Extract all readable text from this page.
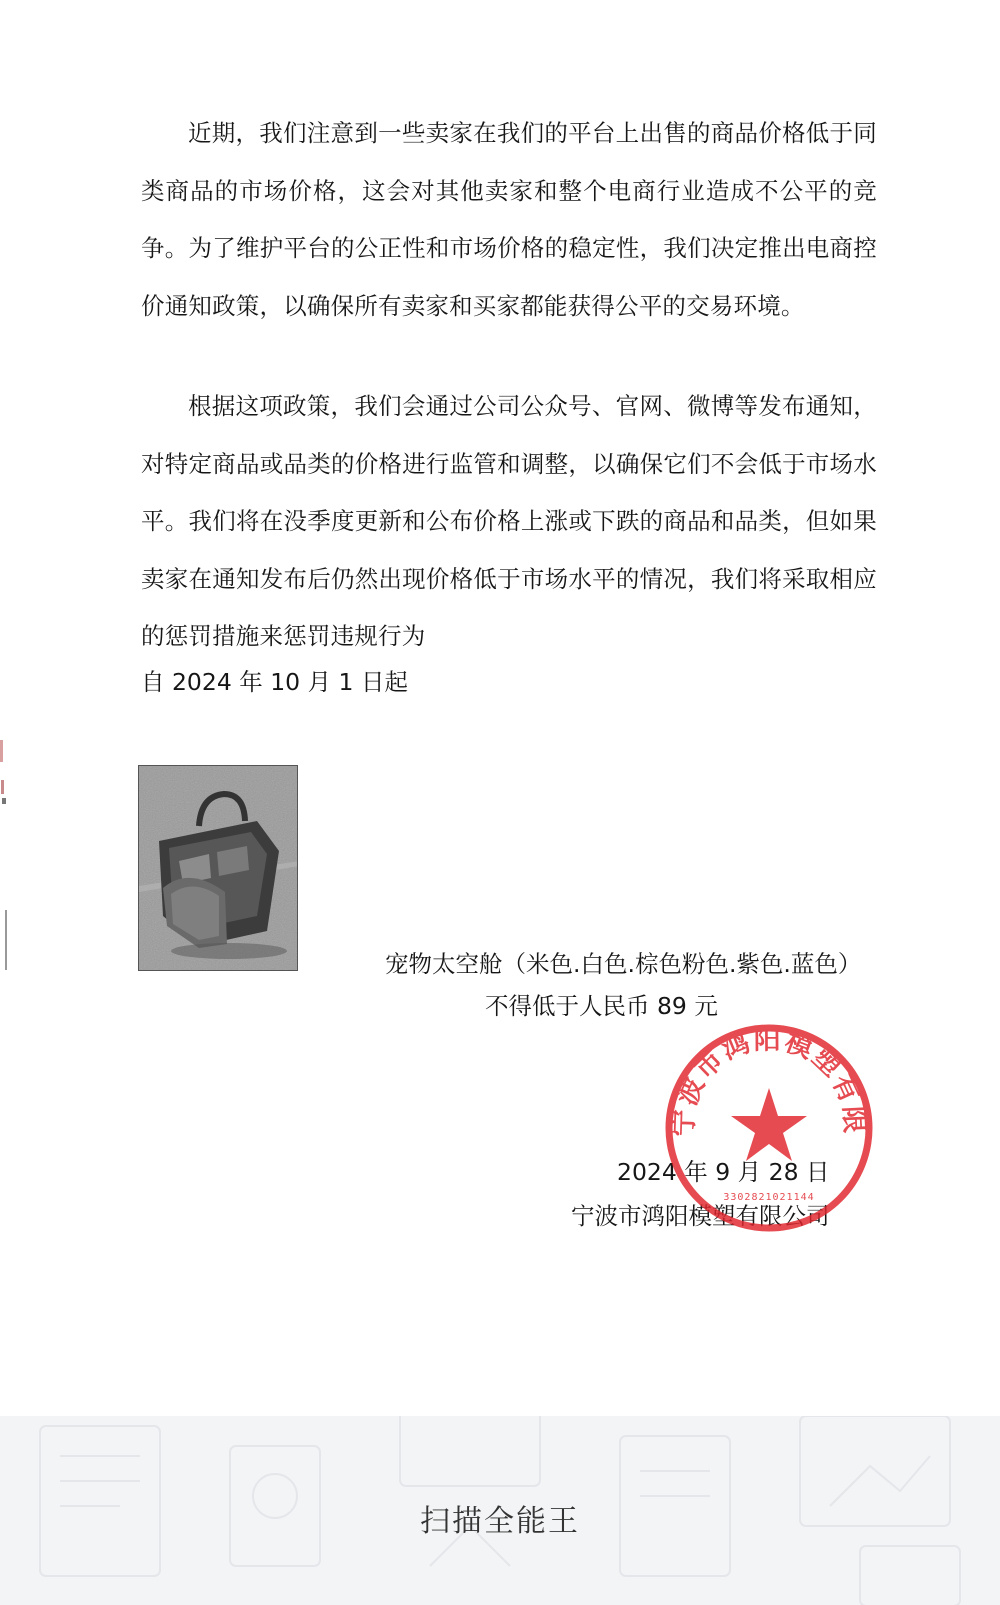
近期，我们注意到一些卖家在我们的平台上出售的商品价格低于同类商品的市场价格，这会对其他卖家和整个电商行业造成不公平的竞争。为了维护平台的公正性和市场价格的稳定性，我们决定推出电商控价通知政策，以确保所有卖家和买家都能获得公平的交易环境。

根据这项政策，我们会通过公司公众号、官网、微博等发布通知，对特定商品或品类的价格进行监管和调整，以确保它们不会低于市场水平。我们将在没季度更新和公布价格上涨或下跌的商品和品类，但如果卖家在通知发布后仍然出现价格低于市场水平的情况，我们将采取相应的惩罚措施来惩罚违规行为

自 2024 年 10 月 1 日起

宠物太空舱（米色.白色.棕色粉色.紫色.蓝色）

不得低于人民币 89 元

2024 年 9 月 28 日

宁波市鸿阳模塑有限公司

宁波市鸿阳模塑有限
3302821021144
扫描全能王
